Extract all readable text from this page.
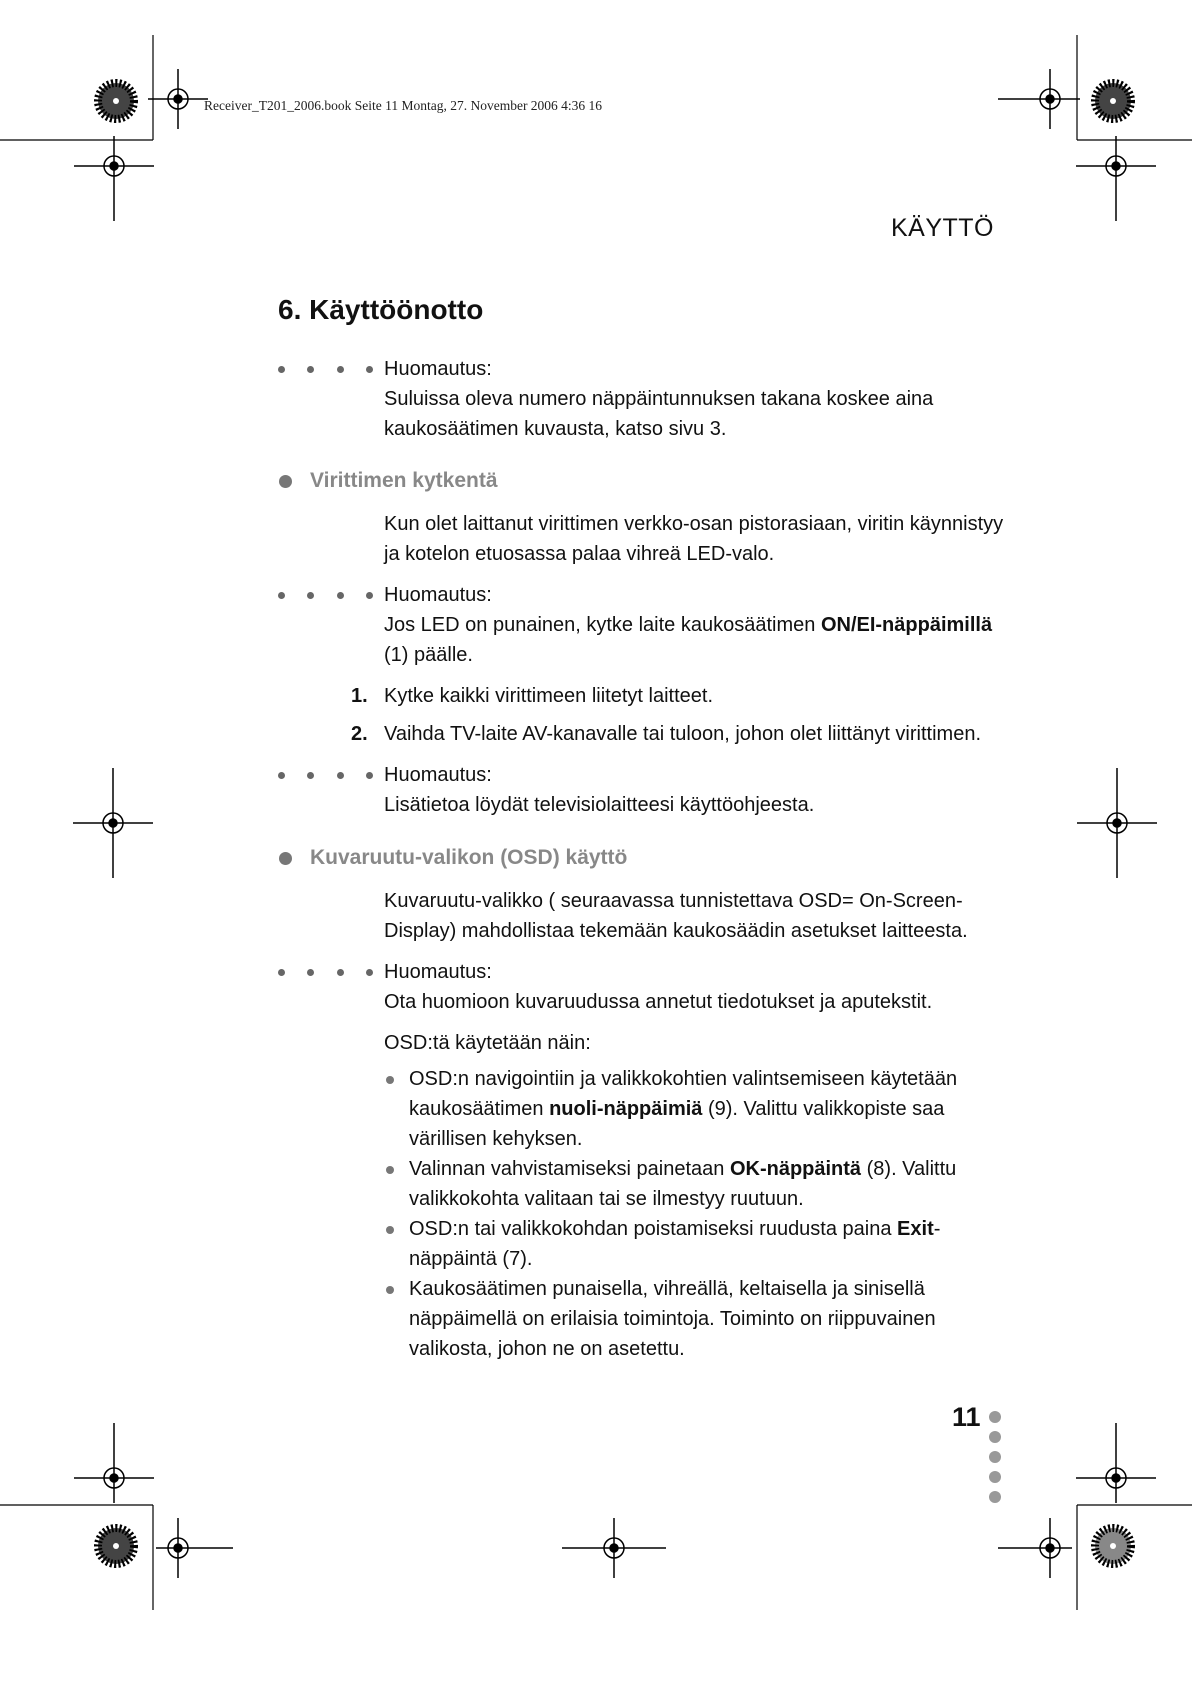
Receiver_T201_2006.book Seite 11 Montag, 27. November 2006 4:36 16
KÄYTTÖ
6. Käyttöönotto
Huomautus:
Suluissa oleva numero näppäintunnuksen takana koskee aina kaukosäätimen kuvausta, katso sivu 3.
Virittimen kytkentä
Kun olet laittanut virittimen verkko-osan pistorasiaan, viritin käynnistyy ja kotelon etuosassa palaa vihreä LED-valo.
Huomautus:
Jos LED on punainen, kytke laite kaukosäätimen ON/EI-näppäimillä (1) päälle.
1. Kytke kaikki virittimeen liitetyt laitteet.
2. Vaihda TV-laite AV-kanavalle tai tuloon, johon olet liittänyt virittimen.
Huomautus:
Lisätietoa löydät televisiolaitteesi käyttöohjeesta.
Kuvaruutu-valikon (OSD) käyttö
Kuvaruutu-valikko ( seuraavassa tunnistettava OSD= On-Screen-Display) mahdollistaa tekemään kaukosäädin asetukset laitteesta.
Huomautus:
Ota huomioon kuvaruudussa annetut tiedotukset ja aputekstit.
OSD:tä käytetään näin:
OSD:n navigointiin ja valikkokohtien valintsemiseen käytetään kaukosäätimen nuoli-näppäimiä (9). Valittu valikkopiste saa värillisen kehyksen.
Valinnan vahvistamiseksi painetaan OK-näppäintä (8). Valittu valikkokohta valitaan tai se ilmestyy ruutuun.
OSD:n tai valikkokohdan poistamiseksi ruudusta paina Exit-näppäintä (7).
Kaukosäätimen punaisella, vihreällä, keltaisella ja sinisellä näppäimellä on erilaisia toimintoja. Toiminto on riippuvainen valikosta, johon ne on asetettu.
11
